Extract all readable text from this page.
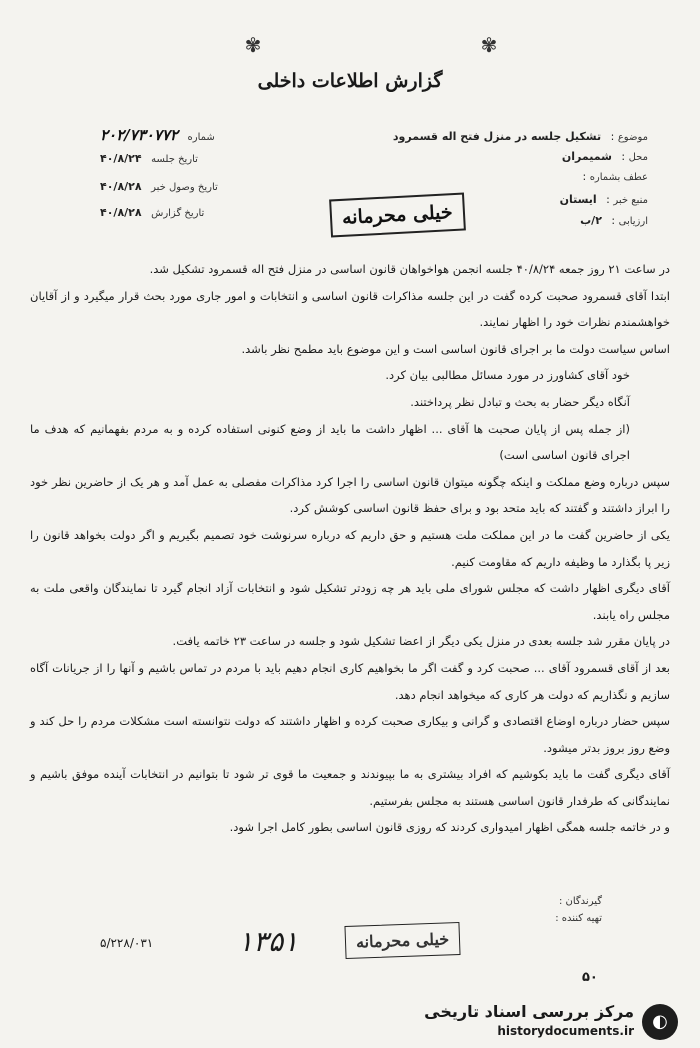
✾	✾
گزارش اطلاعات داخلی
موضوع : تشکیل جلسه در منزل فتح اله قسمرود
محل : شمیمران
عطف بشماره :
منبع خبر : ایستان
ارزیابی : ۲/ب
شماره ۲۰۲/۷۳۰۷۷۲
تاریخ جلسه ۴۰/۸/۲۴
تاریخ وصول خبر ۴۰/۸/۲۸
تاریخ گزارش ۴۰/۸/۲۸	خیلی محرمانه

در ساعت ۲۱ روز جمعه ۴۰/۸/۲۴ جلسه انجمن هواخواهان قانون اساسی در منزل فتح اله قسمرود تشکیل شد.

ابتدا آقای قسمرود صحبت کرده گفت در این جلسه مذاکرات قانون اساسی و انتخابات و امور جاری مورد بحث قرار میگیرد و از آقایان خواهشمندم نظرات خود را اظهار نمایند.

اساس سیاست دولت ما بر اجرای قانون اساسی است و این موضوع باید مطمح نظر باشد.

خود آقای کشاورز در مورد مسائل مطالبی بیان کرد.

آنگاه دیگر حضار به بحث و تبادل نظر پرداختند.

(از جمله پس از پایان صحبت ها آقای ... اظهار داشت ما باید از وضع کنونی استفاده کرده و به مردم بفهمانیم که هدف ما اجرای قانون اساسی است)

سپس درباره وضع مملکت و اینکه چگونه میتوان قانون اساسی را اجرا کرد مذاکرات مفصلی به عمل آمد و هر یک از حاضرین نظر خود را ابراز داشتند و گفتند که باید متحد بود و برای حفظ قانون اساسی کوشش کرد.

یکی از حاضرین گفت ما در این مملکت ملت هستیم و حق داریم که درباره سرنوشت خود تصمیم بگیریم و اگر دولت بخواهد قانون را زیر پا بگذارد ما وظیفه داریم که مقاومت کنیم.

آقای دیگری اظهار داشت که مجلس شورای ملی باید هر چه زودتر تشکیل شود و انتخابات آزاد انجام گیرد تا نمایندگان واقعی ملت به مجلس راه یابند.

در پایان مقرر شد جلسه بعدی در منزل یکی دیگر از اعضا تشکیل شود و جلسه در ساعت ۲۳ خاتمه یافت.

بعد از آقای قسمرود آقای ... صحبت کرد و گفت اگر ما بخواهیم کاری انجام دهیم باید با مردم در تماس باشیم و آنها را از جریانات آگاه سازیم و نگذاریم که دولت هر کاری که میخواهد انجام دهد.

سپس حضار درباره اوضاع اقتصادی و گرانی و بیکاری صحبت کرده و اظهار داشتند که دولت نتوانسته است مشکلات مردم را حل کند و وضع روز بروز بدتر میشود.

آقای دیگری گفت ما باید بکوشیم که افراد بیشتری به ما بپیوندند و جمعیت ما قوی تر شود تا بتوانیم در انتخابات آینده موفق باشیم و نمایندگانی که طرفدار قانون اساسی هستند به مجلس بفرستیم.

و در خاتمه جلسه همگی اظهار امیدواری کردند که روزی قانون اساسی بطور کامل اجرا شود.

گیرندگان :
تهیه کننده :
۵/۲۲۸/۰۳۱	۱۳۵۱	خیلی محرمانه
۵۰
◐
مرکز بررسی اسناد تاریخی
historydocuments.ir
